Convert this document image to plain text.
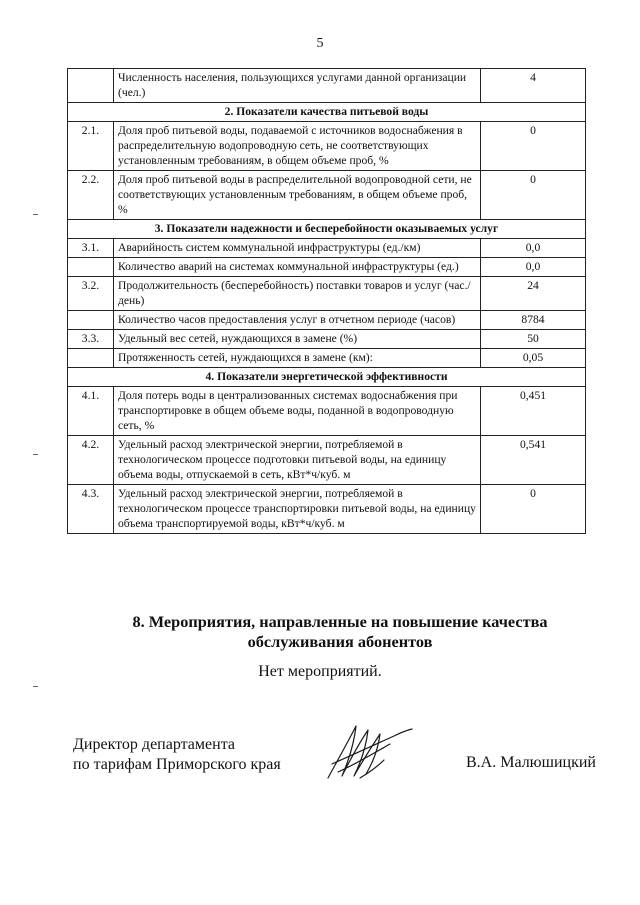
5
	Численность населения, пользующихся услугами данной организации (чел.)	4
2. Показатели качества питьевой воды		
2.1.	Доля проб питьевой воды, подаваемой с источников водоснабжения в распределительную водопроводную сеть, не соответствующих установленным требованиям, в общем объеме проб, %	0
2.2.	Доля проб питьевой воды в распределительной водопроводной сети, не соответствующих установленным требованиям, в общем объеме проб, %	0
3. Показатели надежности и бесперебойности оказываемых услуг		
3.1.	Аварийность систем коммунальной инфраструктуры (ед./км)	0,0
	Количество аварий на системах коммунальной инфраструктуры (ед.)	0,0
3.2.	Продолжительность (бесперебойность) поставки товаров и услуг (час./день)	24
	Количество часов предоставления услуг в отчетном периоде (часов)	8784
3.3.	Удельный вес сетей, нуждающихся в замене (%)	50
	Протяженность сетей, нуждающихся в замене (км):	0,05
4. Показатели энергетической эффективности		
4.1.	Доля потерь воды в централизованных системах водоснабжения при транспортировке в общем объеме воды, поданной в водопроводную сеть, %	0,451
4.2.	Удельный расход электрической энергии, потребляемой в технологическом процессе подготовки питьевой воды, на единицу объема воды, отпускаемой в сеть, кВт*ч/куб. м	0,541
4.3.	Удельный расход электрической энергии, потребляемой в технологическом процессе транспортировки питьевой воды, на единицу объема транспортируемой воды, кВт*ч/куб. м	0
8. Мероприятия, направленные на повышение качества
обслуживания абонентов
Нет мероприятий.
Директор департамента
по тарифам Приморского края	В.А. Малюшицкий
